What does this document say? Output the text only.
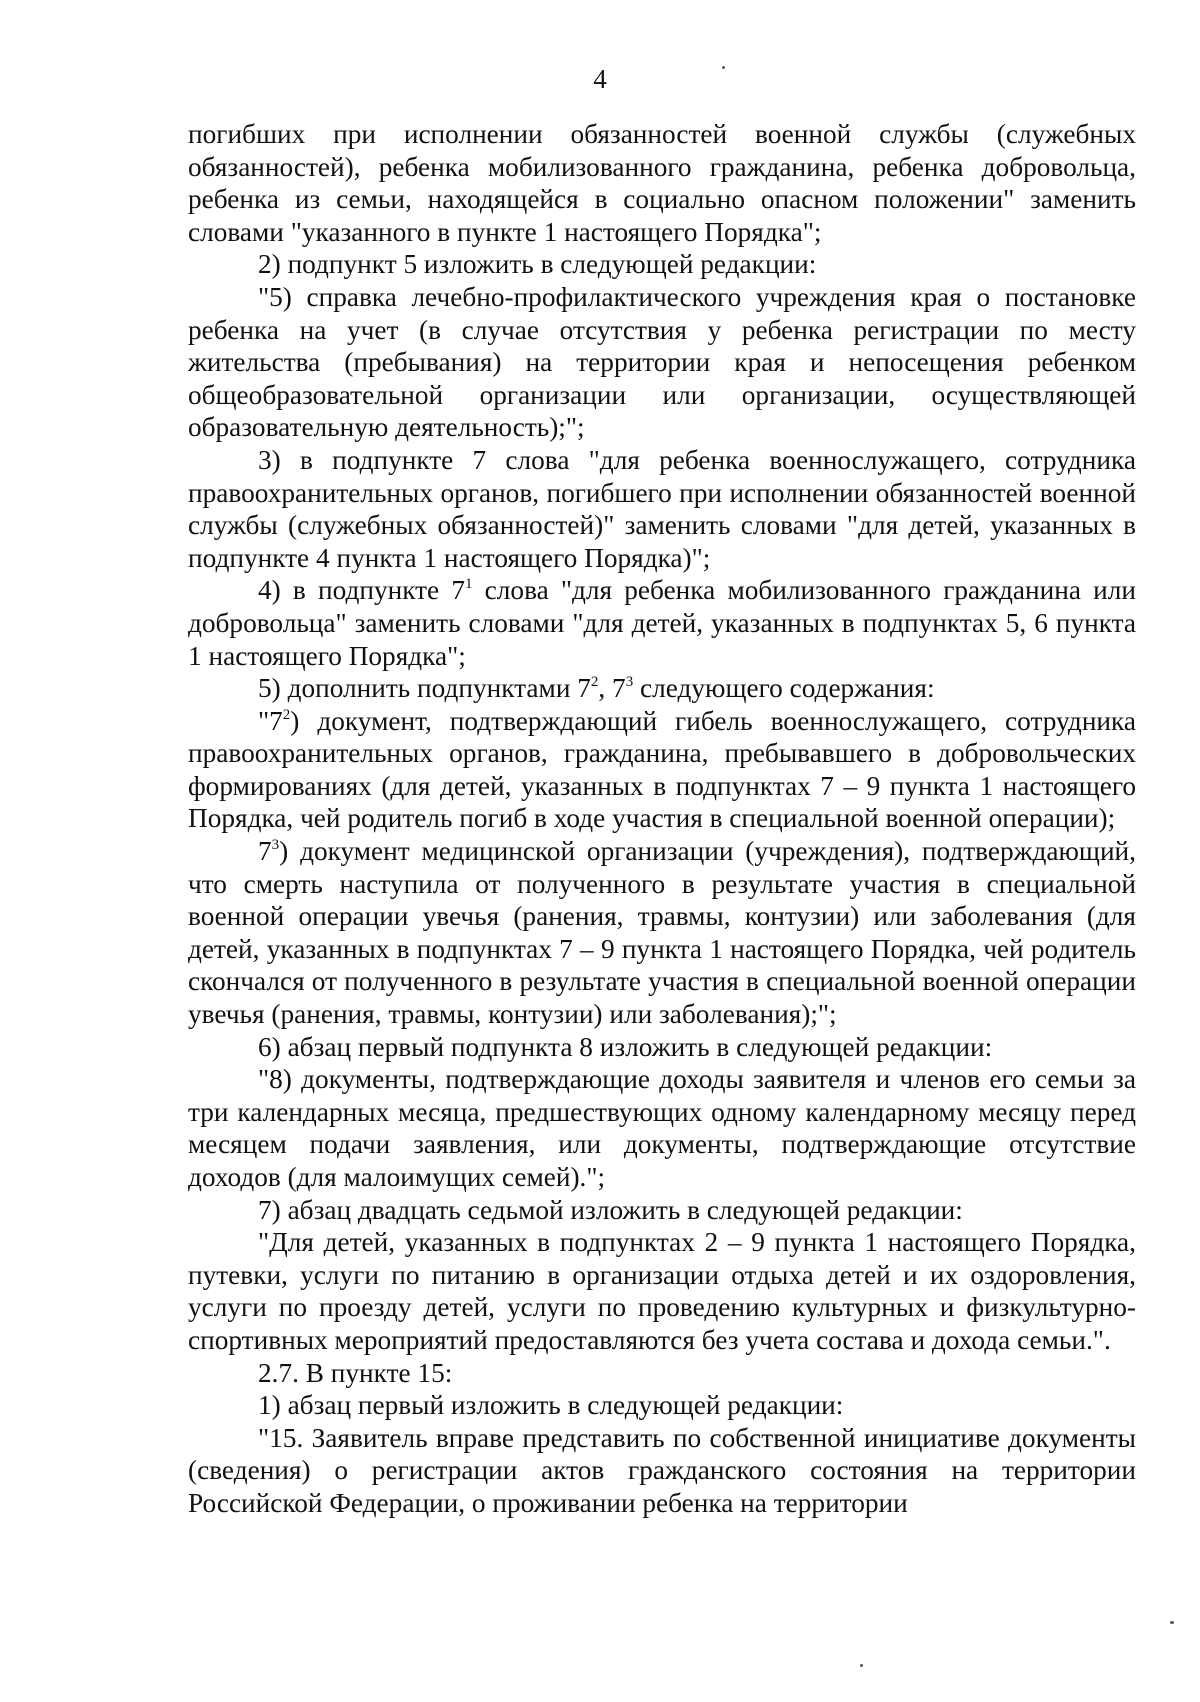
4

погибших при исполнении обязанностей военной службы (служебных обязанностей), ребенка мобилизованного гражданина, ребенка добровольца, ребенка из семьи, находящейся в социально опасном положении" заменить словами "указанного в пункте 1 настоящего Порядка";

2) подпункт 5 изложить в следующей редакции:

"5) справка лечебно-профилактического учреждения края о постановке ребенка на учет (в случае отсутствия у ребенка регистрации по месту жительства (пребывания) на территории края и непосещения ребенком общеобразовательной организации или организации, осуществляющей образовательную деятельность);";

3) в подпункте 7 слова "для ребенка военнослужащего, сотрудника правоохранительных органов, погибшего при исполнении обязанностей военной службы (служебных обязанностей)" заменить словами "для детей, указанных в подпункте 4 пункта 1 настоящего Порядка)";

4) в подпункте $7^1$ слова "для ребенка мобилизованного гражданина или добровольца" заменить словами "для детей, указанных в подпунктах 5, 6 пункта 1 настоящего Порядка";

5) дополнить подпунктами $7^2$, $7^3$ следующего содержания:

"$7^2$) документ, подтверждающий гибель военнослужащего, сотрудника правоохранительных органов, гражданина, пребывавшего в добровольческих формированиях (для детей, указанных в подпунктах 7 – 9 пункта 1 настоящего Порядка, чей родитель погиб в ходе участия в специальной военной операции);

$7^3$) документ медицинской организации (учреждения), подтверждающий, что смерть наступила от полученного в результате участия в специальной военной операции увечья (ранения, травмы, контузии) или заболевания (для детей, указанных в подпунктах 7 – 9 пункта 1 настоящего Порядка, чей родитель скончался от полученного в результате участия в специальной военной операции увечья (ранения, травмы, контузии) или заболевания);";

6) абзац первый подпункта 8 изложить в следующей редакции:

"8) документы, подтверждающие доходы заявителя и членов его семьи за три календарных месяца, предшествующих одному календарному месяцу перед месяцем подачи заявления, или документы, подтверждающие отсутствие доходов (для малоимущих семей).";

7) абзац двадцать седьмой изложить в следующей редакции:

"Для детей, указанных в подпунктах 2 – 9 пункта 1 настоящего Порядка, путевки, услуги по питанию в организации отдыха детей и их оздоровления, услуги по проезду детей, услуги по проведению культурных и физкультурно-спортивных мероприятий предоставляются без учета состава и дохода семьи.".

2.7. В пункте 15:

1) абзац первый изложить в следующей редакции:

"15. Заявитель вправе представить по собственной инициативе документы (сведения) о регистрации актов гражданского состояния на территории Российской Федерации, о проживании ребенка на территории
